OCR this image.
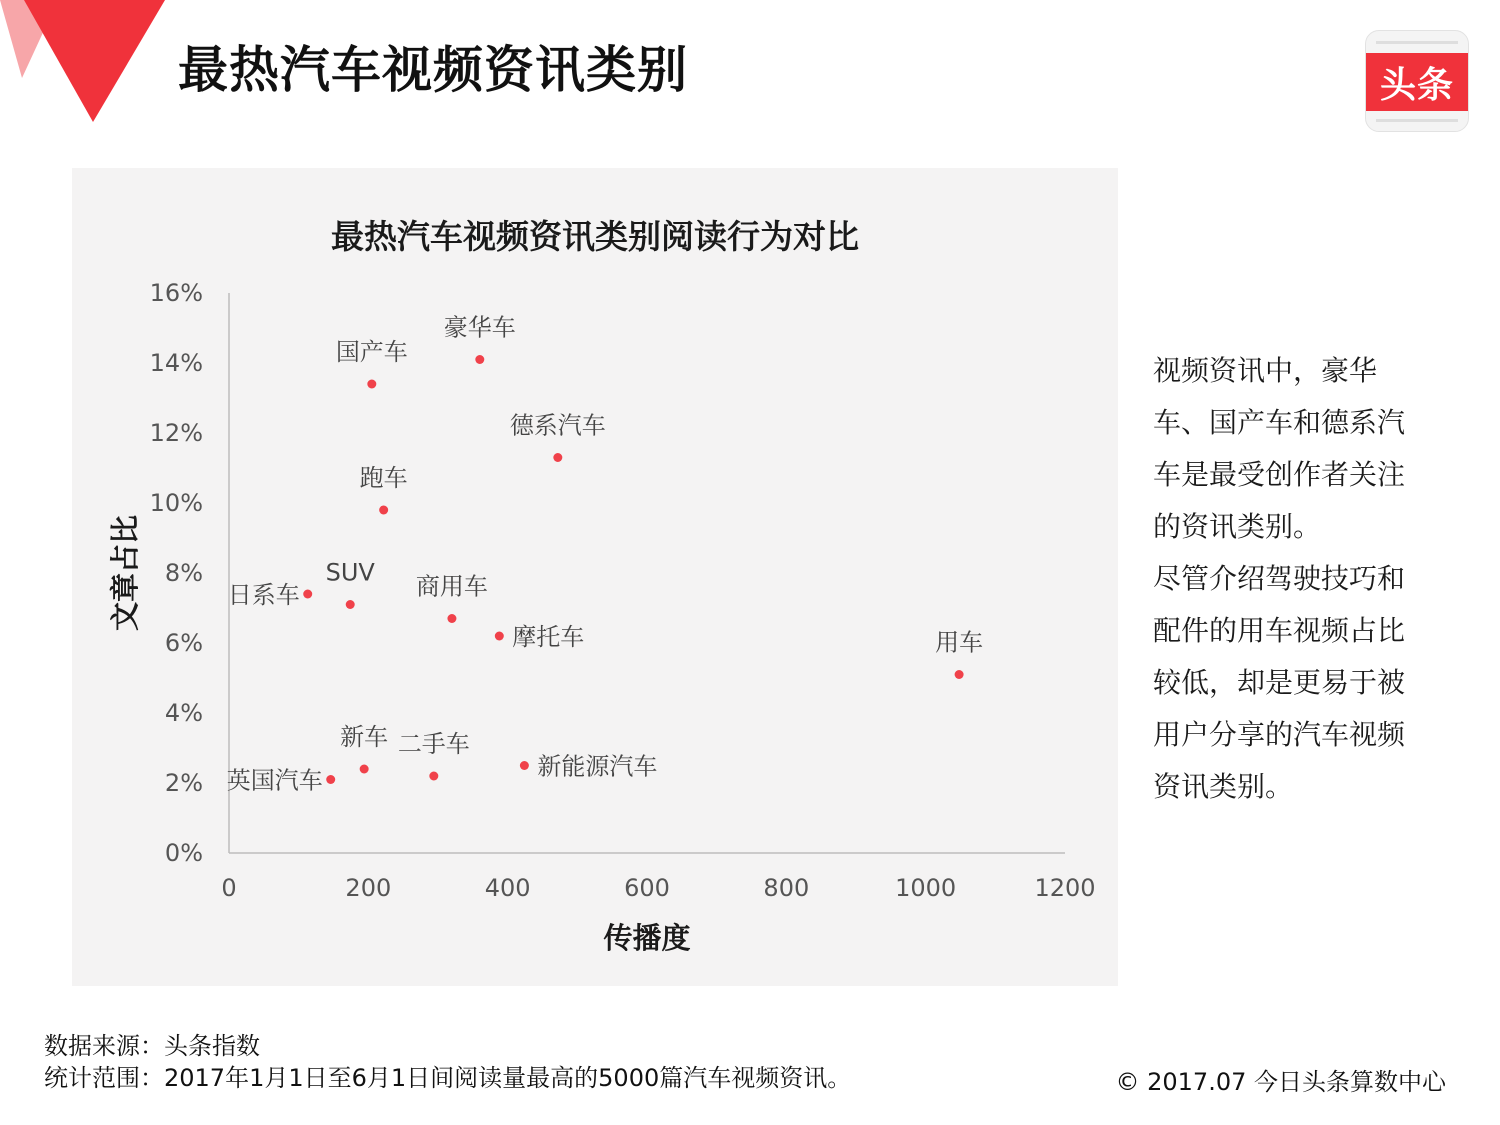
最热汽车视频资讯类别	头条
最热汽车视频资讯类别阅读行为对比
0%
2%
4%
6%
8%
10%
12%
14%
16%
0	200	400	600	800	1000	1200
传播度
文章占比
豪华车
国产车
德系汽车
跑车
SUV
日系车	商用车
摩托车	用车
新车 二手车
新能源汽车
英国汽车
视频资讯中，豪华
车、国产车和德系汽
车是最受创作者关注
的资讯类别。
尽管介绍驾驶技巧和
配件的用车视频占比
较低，却是更易于被
用户分享的汽车视频
资讯类别。
数据来源：头条指数
统计范围：2017年1月1日至6月1日间阅读量最高的5000篇汽车视频资讯。	© 2017.07 今日头条算数中心
